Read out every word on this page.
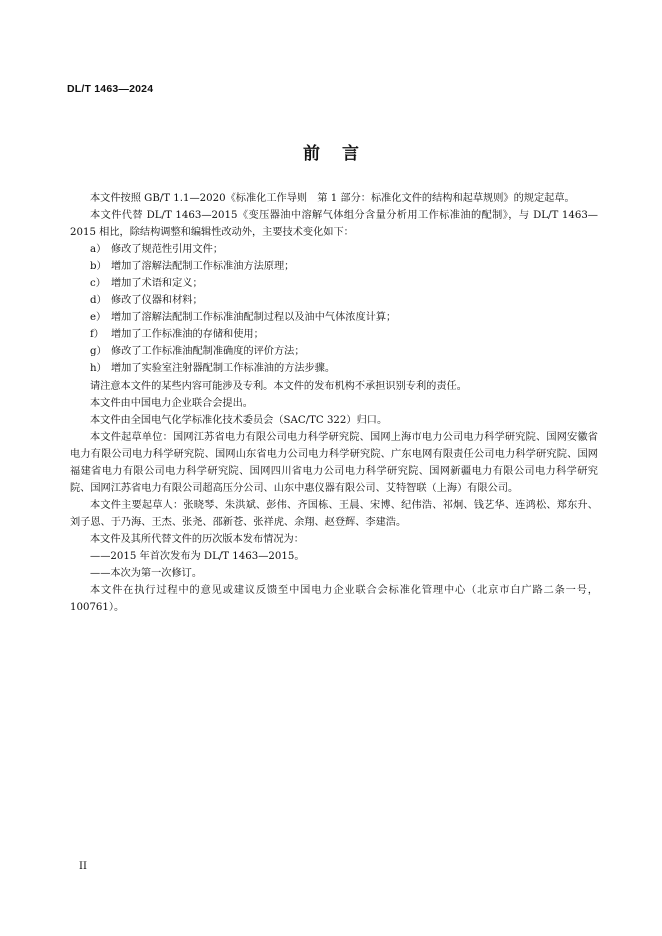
DL/T 1463—2024
前言

本文件按照 GB/T 1.1—2020《标准化工作导则　第 1 部分：标准化文件的结构和起草规则》的规定起草。

本文件代替 DL/T 1463—2015《变压器油中溶解气体组分含量分析用工作标准油的配制》，与 DL/T 1463—2015 相比，除结构调整和编辑性改动外，主要技术变化如下：

a） 修改了规范性引用文件；

b） 增加了溶解法配制工作标准油方法原理；

c） 增加了术语和定义；

d） 修改了仪器和材料；

e） 增加了溶解法配制工作标准油配制过程以及油中气体浓度计算；

f） 增加了工作标准油的存储和使用；

g） 修改了工作标准油配制准确度的评价方法；

h） 增加了实验室注射器配制工作标准油的方法步骤。

请注意本文件的某些内容可能涉及专利。本文件的发布机构不承担识别专利的责任。

本文件由中国电力企业联合会提出。

本文件由全国电气化学标准化技术委员会（SAC/TC 322）归口。

本文件起草单位：国网江苏省电力有限公司电力科学研究院、国网上海市电力公司电力科学研究院、国网安徽省电力有限公司电力科学研究院、国网山东省电力公司电力科学研究院、广东电网有限责任公司电力科学研究院、国网福建省电力有限公司电力科学研究院、国网四川省电力公司电力科学研究院、国网新疆电力有限公司电力科学研究院、国网江苏省电力有限公司超高压分公司、山东中惠仪器有限公司、艾特智联（上海）有限公司。

本文件主要起草人：张晓琴、朱洪斌、彭伟、齐国栋、王晨、宋博、纪伟浩、祁炯、钱艺华、连鸿松、郑东升、刘子恩、于乃海、王杰、张尧、邵新苍、张祥虎、余翔、赵登辉、李建浩。

本文件及其所代替文件的历次版本发布情况为：

——2015 年首次发布为 DL/T 1463—2015。

——本次为第一次修订。

本文件在执行过程中的意见或建议反馈至中国电力企业联合会标准化管理中心（北京市白广路二条一号，100761）。

II
